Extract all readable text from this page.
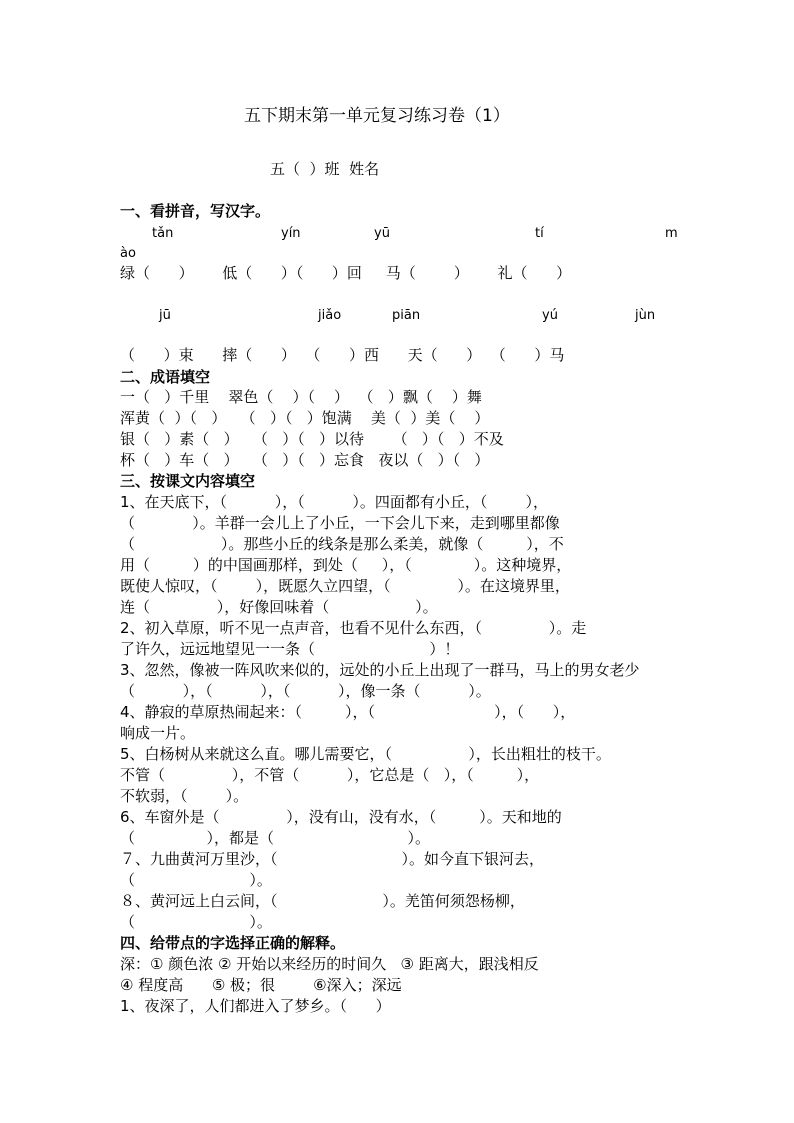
五下期末第一单元复习练习卷（1）
五（  ）班  姓名
一、看拼音，写汉字。
tǎn	yín	yū	tí	m
ào
绿（      ）      低（      ）（      ）回     马（        ）      礼（      ）
jū	jiǎo	piān	yú	jùn
（      ）束      摔（      ）  （      ）西      天（      ）  （      ）马
二、成语填空
一（   ）千里    翠色（    ）（    ）  （   ）飘（    ）舞
浑黄（  ）（   ）   （   ）（   ）饱满    美（  ）美（    ）
银（   ）素（   ）   （   ）（   ）以待      （   ）（   ）不及
杯（   ）车（   ）   （   ）（   ）忘食   夜以（   ）（   ）
三、按课文内容填空
1、在天底下，（          ），（          ）。四面都有小丘，（        ），
（            ）。羊群一会儿上了小丘，一下会儿下来，走到哪里都像
（                  ）。那些小丘的线条是那么柔美，就像（         ），不
用（         ）的中国画那样，到处（     ），（             ）。这种境界，
既使人惊叹，（        ），既愿久立四望，（              ）。在这境界里，
连（              ），好像回味着（                  ）。
2、初入草原，听不见一点声音，也看不见什么东西，（              ）。走
了许久，远远地望见一一条（                        ）！
3、忽然，像被一阵风吹来似的，远处的小丘上出现了一群马，马上的男女老少
（          ），（          ），（          ），像一条（          ）。
4、静寂的草原热闹起来：（         ），（                         ），（      ），
响成一片。
5、白杨树从来就这么直。哪儿需要它，（                ），长出粗壮的枝干。
不管（              ），不管（          ），它总是（   ），（         ），
不软弱，（        ）。
6、车窗外是（              ），没有山，没有水，（         ）。天和地的
（               ），都是（                            ）。
７、九曲黄河万里沙，（                          ）。如今直下银河去，
（                        ）。
８、黄河远上白云间，（                      ）。羌笛何须怨杨柳，
（                        ）。
四、给带点的字选择正确的解释。
深：① 颜色浓 ② 开始以来经历的时间久   ③ 距离大，跟浅相反
④ 程度高      ⑤ 极；很        ⑥深入；深远
1、夜深了，人们都进入了梦乡。（      ）
